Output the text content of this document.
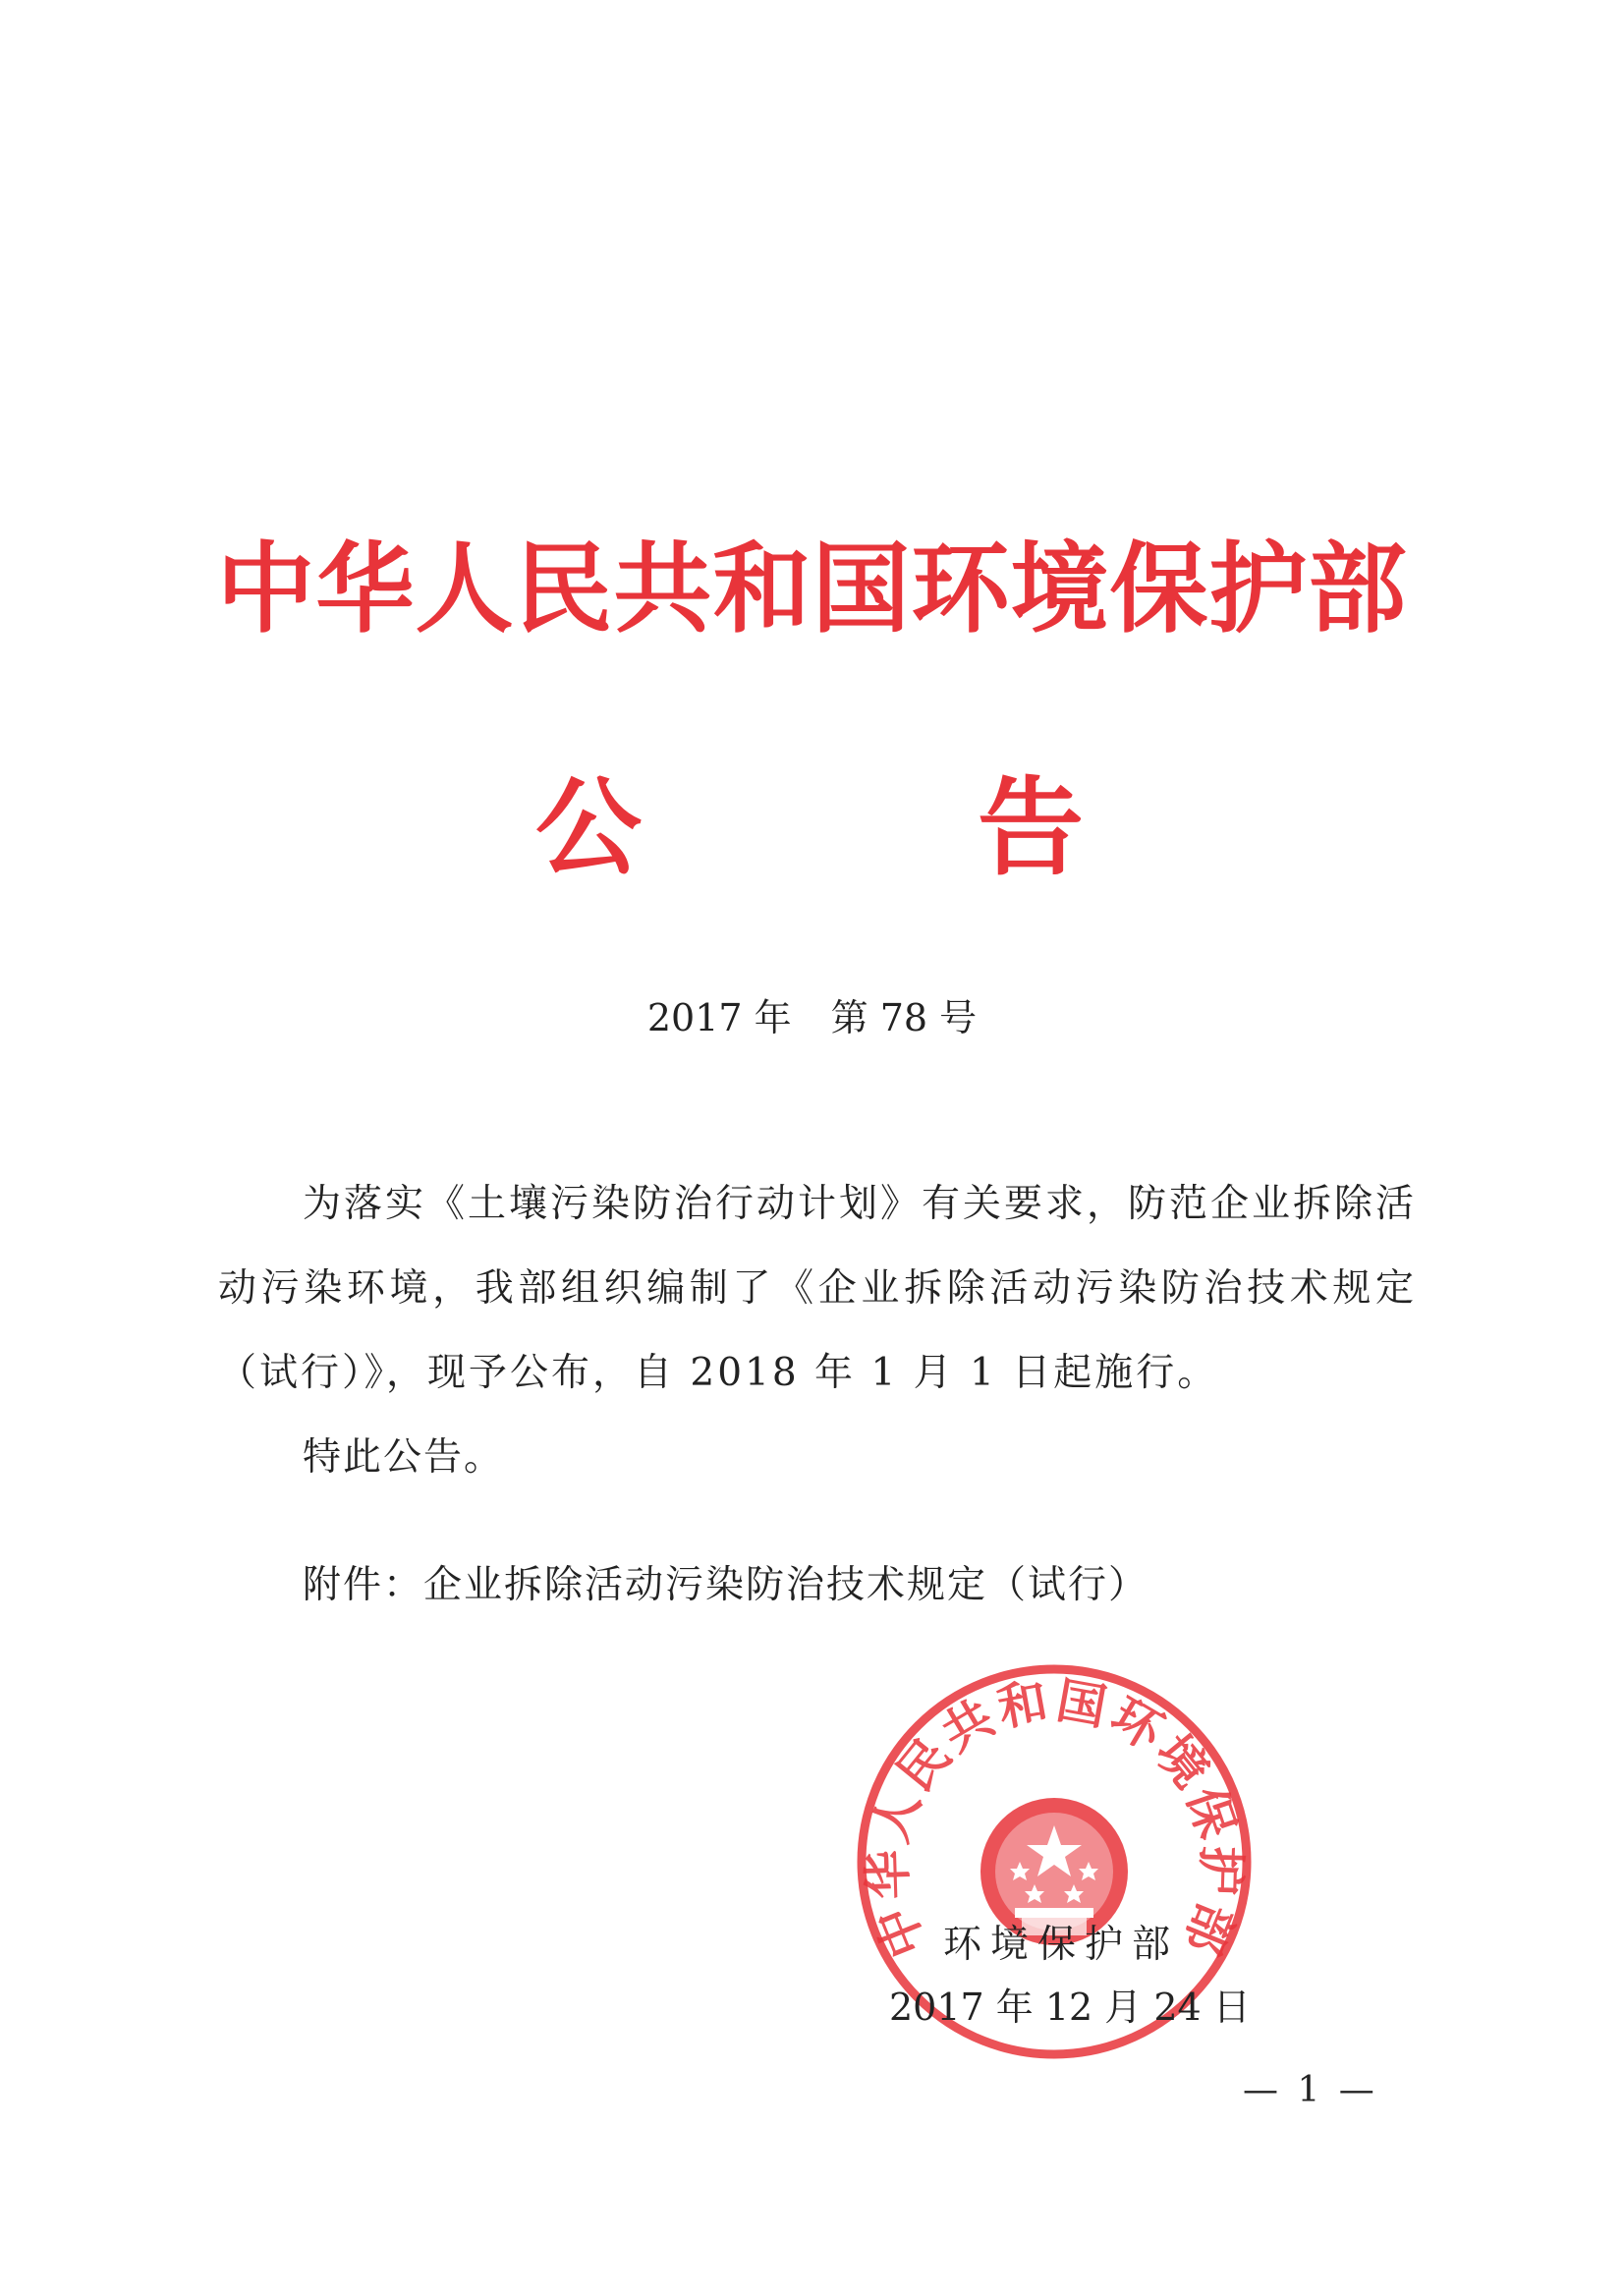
中华人民共和国环境保护部
公	告
2017 年 第 78 号

为落实《土壤污染防治行动计划》有关要求，防范企业拆除活动污染环境，我部组织编制了《企业拆除活动污染防治技术规定（试行）》，现予公布，自 2018 年 1 月 1 日起施行。

特此公告。

附件：企业拆除活动污染防治技术规定（试行）

中华人民共和国环境保护部
环境保护部
2017 年 12 月 24 日
— 1 —
